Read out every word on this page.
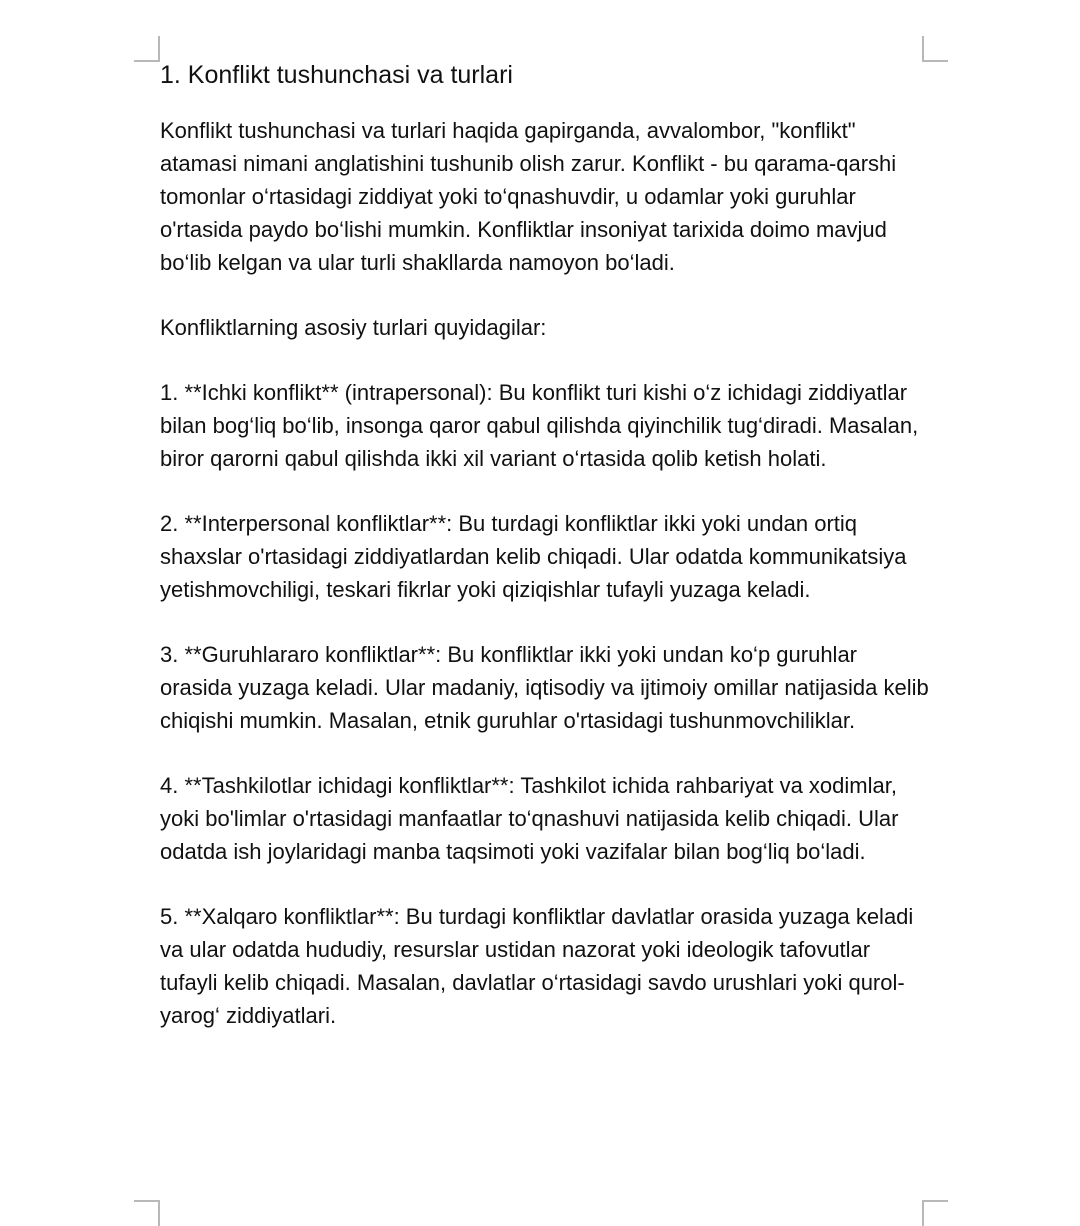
1. Konflikt tushunchasi va turlari

Konflikt tushunchasi va turlari haqida gapirganda, avvalombor, "konflikt" atamasi nimani anglatishini tushunib olish zarur. Konflikt - bu qarama-qarshi tomonlar o‘rtasidagi ziddiyat yoki to‘qnashuvdir, u odamlar yoki guruhlar o'rtasida paydo bo‘lishi mumkin. Konfliktlar insoniyat tarixida doimo mavjud bo‘lib kelgan va ular turli shakllarda namoyon bo‘ladi.

Konfliktlarning asosiy turlari quyidagilar:

1. **Ichki konflikt** (intrapersonal): Bu konflikt turi kishi o‘z ichidagi ziddiyatlar bilan bog‘liq bo‘lib, insonga qaror qabul qilishda qiyinchilik tug‘diradi. Masalan, biror qarorni qabul qilishda ikki xil variant o‘rtasida qolib ketish holati.

2. **Interpersonal konfliktlar**: Bu turdagi konfliktlar ikki yoki undan ortiq shaxslar o'rtasidagi ziddiyatlardan kelib chiqadi. Ular odatda kommunikatsiya yetishmovchiligi, teskari fikrlar yoki qiziqishlar tufayli yuzaga keladi.

3. **Guruhlararo konfliktlar**: Bu konfliktlar ikki yoki undan ko‘p guruhlar orasida yuzaga keladi. Ular madaniy, iqtisodiy va ijtimoiy omillar natijasida kelib chiqishi mumkin. Masalan, etnik guruhlar o'rtasidagi tushunmovchiliklar.

4. **Tashkilotlar ichidagi konfliktlar**: Tashkilot ichida rahbariyat va xodimlar, yoki bo'limlar o'rtasidagi manfaatlar to‘qnashuvi natijasida kelib chiqadi. Ular odatda ish joylaridagi manba taqsimoti yoki vazifalar bilan bog‘liq bo‘ladi.

5. **Xalqaro konfliktlar**: Bu turdagi konfliktlar davlatlar orasida yuzaga keladi va ular odatda hududiy, resurslar ustidan nazorat yoki ideologik tafovutlar tufayli kelib chiqadi. Masalan, davlatlar o‘rtasidagi savdo urushlari yoki qurol-yarog‘ ziddiyatlari.
